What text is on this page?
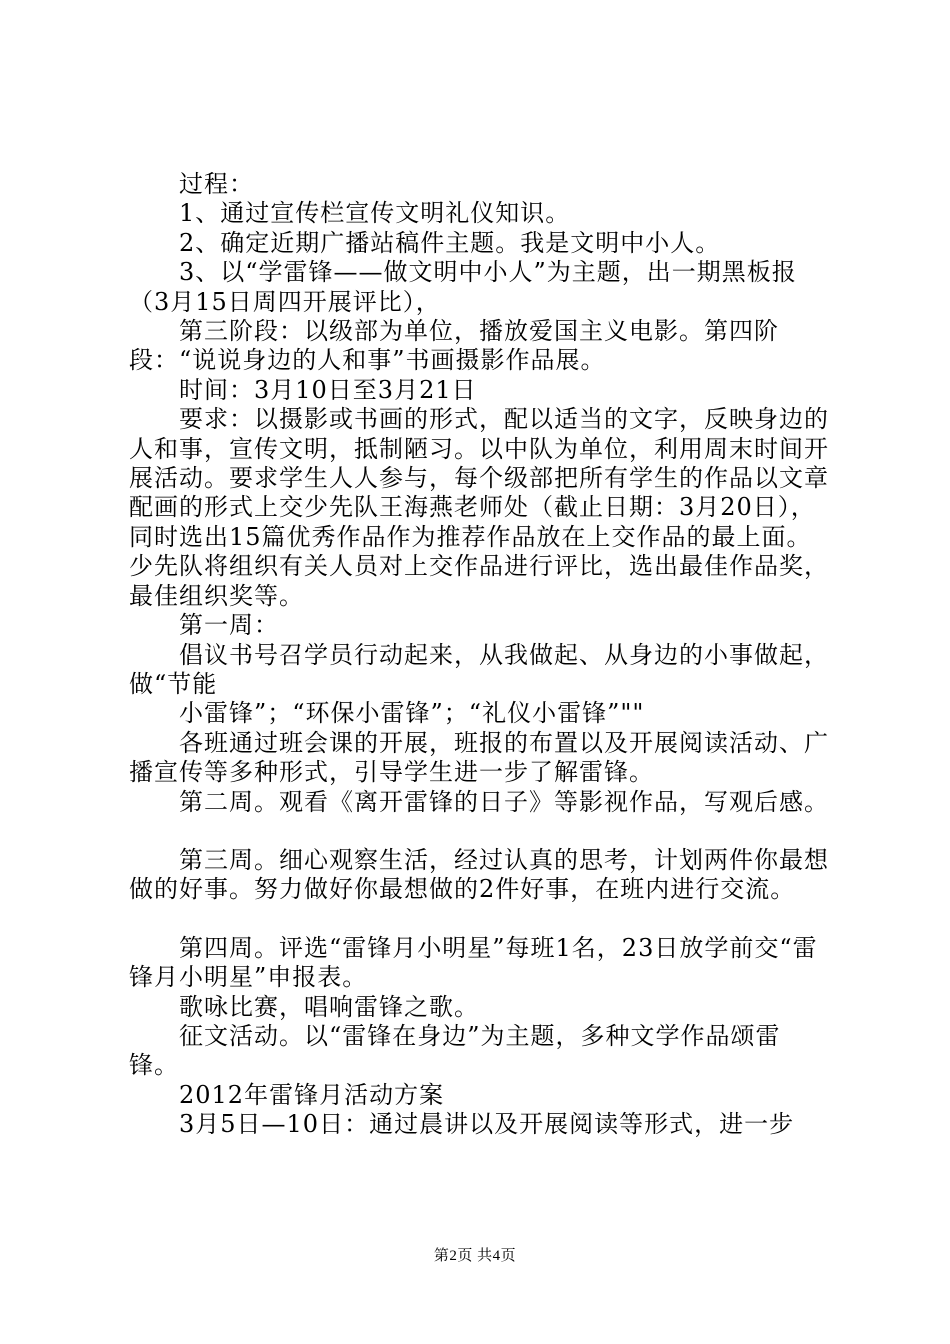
过程：

1、通过宣传栏宣传文明礼仪知识。

2、确定近期广播站稿件主题。我是文明中小人。

3、以“学雷锋——做文明中小人”为主题，出一期黑板报（3月15日周四开展评比），

第三阶段：以级部为单位，播放爱国主义电影。第四阶段：“说说身边的人和事”书画摄影作品展。

时间：3月10日至3月21日

要求：以摄影或书画的形式，配以适当的文字，反映身边的人和事，宣传文明，抵制陋习。以中队为单位，利用周末时间开展活动。要求学生人人参与，每个级部把所有学生的作品以文章配画的形式上交少先队王海燕老师处（截止日期：3月20日），同时选出15篇优秀作品作为推荐作品放在上交作品的最上面。少先队将组织有关人员对上交作品进行评比，选出最佳作品奖，最佳组织奖等。

第一周：

倡议书号召学员行动起来，从我做起、从身边的小事做起，做“节能

小雷锋”；“环保小雷锋”；“礼仪小雷锋”""

各班通过班会课的开展，班报的布置以及开展阅读活动、广播宣传等多种形式，引导学生进一步了解雷锋。

第二周。观看《离开雷锋的日子》等影视作品，写观后感。

第三周。细心观察生活，经过认真的思考，计划两件你最想做的好事。努力做好你最想做的2件好事，在班内进行交流。

第四周。评选“雷锋月小明星”每班1名，23日放学前交“雷锋月小明星”申报表。

歌咏比赛，唱响雷锋之歌。

征文活动。以“雷锋在身边”为主题，多种文学作品颂雷锋。

2012年雷锋月活动方案

3月5日—10日：通过晨讲以及开展阅读等形式，进一步

第2页 共4页
